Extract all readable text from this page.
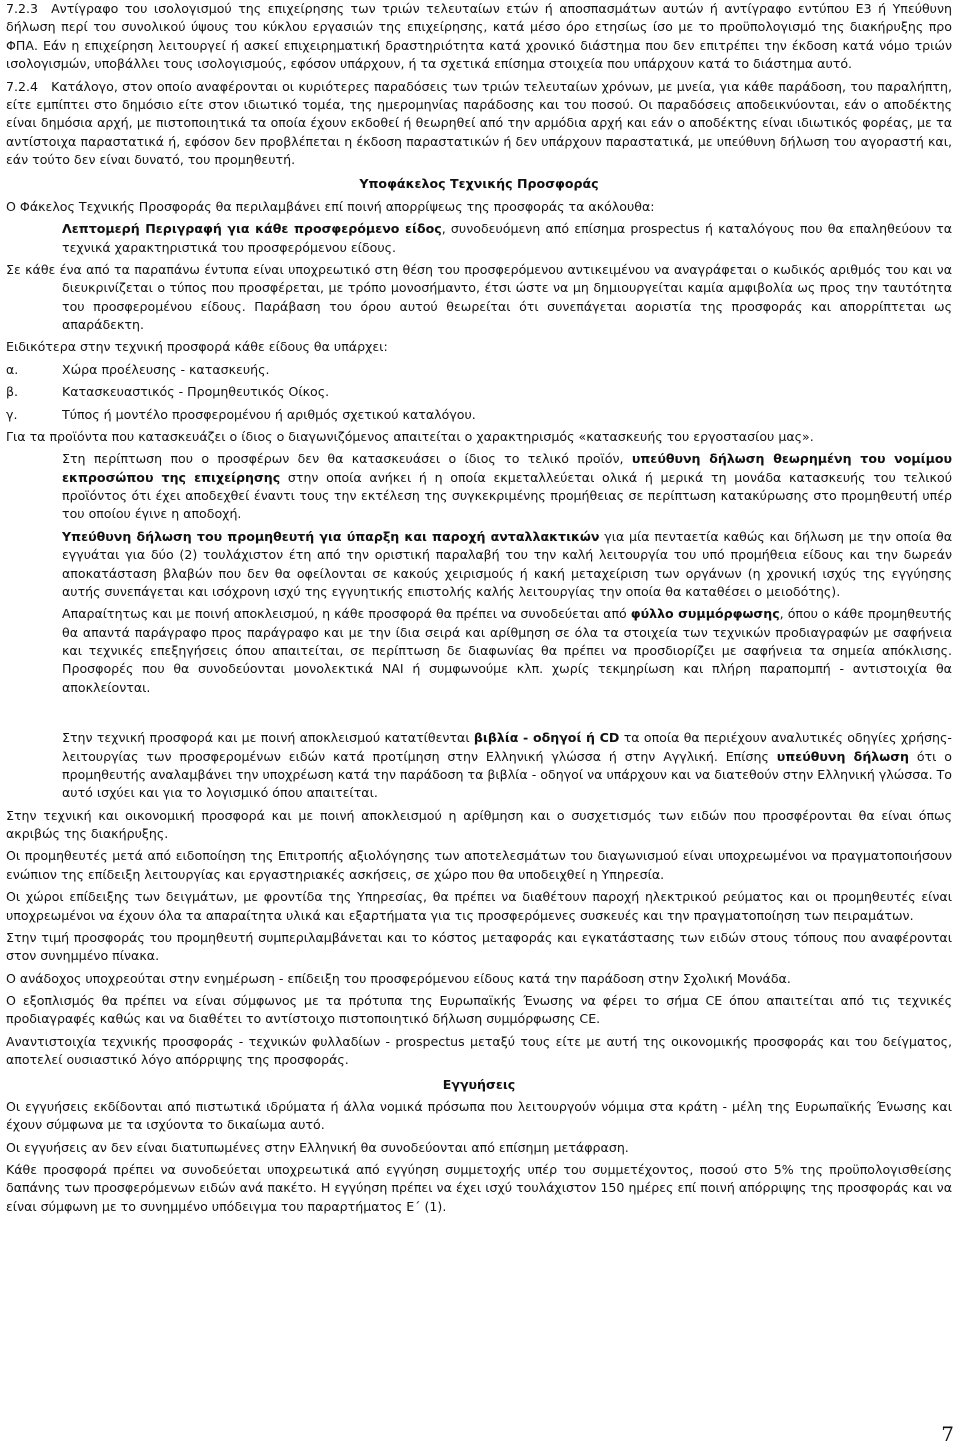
7.2.3 Αντίγραφο του ισολογισμού της επιχείρησης των τριών τελευταίων ετών ή αποσπασμάτων αυτών ή αντίγραφο εντύπου Ε3 ή Υπεύθυνη δήλωση περί του συνολικού ύψους του κύκλου εργασιών της επιχείρησης, κατά μέσο όρο ετησίως ίσο με το προϋπολογισμό της διακήρυξης προ ΦΠΑ. Εάν η επιχείρηση λειτουργεί ή ασκεί επιχειρηματική δραστηριότητα κατά χρονικό διάστημα που δεν επιτρέπει την έκδοση κατά νόμο τριών ισολογισμών, υποβάλλει τους ισολογισμούς, εφόσον υπάρχουν, ή τα σχετικά επίσημα στοιχεία που υπάρχουν κατά το διάστημα αυτό.

7.2.4 Κατάλογο, στον οποίο αναφέρονται οι κυριότερες παραδόσεις των τριών τελευταίων χρόνων, με μνεία, για κάθε παράδοση, του παραλήπτη, είτε εμπίπτει στο δημόσιο είτε στον ιδιωτικό τομέα, της ημερομηνίας παράδοσης και του ποσού. Οι παραδόσεις αποδεικνύονται, εάν ο αποδέκτης είναι δημόσια αρχή, με πιστοποιητικά τα οποία έχουν εκδοθεί ή θεωρηθεί από την αρμόδια αρχή και εάν ο αποδέκτης είναι ιδιωτικός φορέας, με τα αντίστοιχα παραστατικά ή, εφόσον δεν προβλέπεται η έκδοση παραστατικών ή δεν υπάρχουν παραστατικά, με υπεύθυνη δήλωση του αγοραστή και, εάν τούτο δεν είναι δυνατό, του προμηθευτή.

Υποφάκελος Τεχνικής Προσφοράς

Ο Φάκελος Τεχνικής Προσφοράς θα περιλαμβάνει επί ποινή απορρίψεως της προσφοράς τα ακόλουθα:

Λεπτομερή Περιγραφή για κάθε προσφερόμενο είδος, συνοδευόμενη από επίσημα prospectus ή καταλόγους που θα επαληθεύουν τα τεχνικά χαρακτηριστικά του προσφερόμενου είδους.

Σε κάθε ένα από τα παραπάνω έντυπα είναι υποχρεωτικό στη θέση του προσφερόμενου αντικειμένου να αναγράφεται ο κωδικός αριθμός του και να διευκρινίζεται ο τύπος που προσφέρεται, με τρόπο μονοσήμαντο, έτσι ώστε να μη δημιουργείται καμία αμφιβολία ως προς την ταυτότητα του προσφερομένου είδους. Παράβαση του όρου αυτού θεωρείται ότι συνεπάγεται αοριστία της προσφοράς και απορρίπτεται ως απαράδεκτη.

Ειδικότερα στην τεχνική προσφορά κάθε είδους θα υπάρχει:

α.	Χώρα προέλευσης - κατασκευής.
β.	Κατασκευαστικός - Προμηθευτικός Οίκος.
γ.	Τύπος ή μοντέλο προσφερομένου ή αριθμός σχετικού καταλόγου.

Για τα προϊόντα που κατασκευάζει ο ίδιος ο διαγωνιζόμενος απαιτείται ο χαρακτηρισμός «κατασκευής του εργοστασίου μας».

Στη περίπτωση που ο προσφέρων δεν θα κατασκευάσει ο ίδιος το τελικό προϊόν, υπεύθυνη δήλωση θεωρημένη του νομίμου εκπροσώπου της επιχείρησης στην οποία ανήκει ή η οποία εκμεταλλεύεται ολικά ή μερικά τη μονάδα κατασκευής του τελικού προϊόντος ότι έχει αποδεχθεί έναντι τους την εκτέλεση της συγκεκριμένης προμήθειας σε περίπτωση κατακύρωσης στο προμηθευτή υπέρ του οποίου έγινε η αποδοχή.

Υπεύθυνη δήλωση του προμηθευτή για ύπαρξη και παροχή ανταλλακτικών για μία πενταετία καθώς και δήλωση με την οποία θα εγγυάται για δύο (2) τουλάχιστον έτη από την οριστική παραλαβή του την καλή λειτουργία του υπό προμήθεια είδους και την δωρεάν αποκατάσταση βλαβών που δεν θα οφείλονται σε κακούς χειρισμούς ή κακή μεταχείριση των οργάνων (η χρονική ισχύς της εγγύησης αυτής συνεπάγεται και ισόχρονη ισχύ της εγγυητικής επιστολής καλής λειτουργίας την οποία θα καταθέσει ο μειοδότης).

Απαραίτητως και με ποινή αποκλεισμού, η κάθε προσφορά θα πρέπει να συνοδεύεται από φύλλο συμμόρφωσης, όπου ο κάθε προμηθευτής θα απαντά παράγραφο προς παράγραφο και με την ίδια σειρά και αρίθμηση σε όλα τα στοιχεία των τεχνικών προδιαγραφών με σαφήνεια και τεχνικές επεξηγήσεις όπου απαιτείται, σε περίπτωση δε διαφωνίας θα πρέπει να προσδιορίζει με σαφήνεια τα σημεία απόκλισης. Προσφορές που θα συνοδεύονται μονολεκτικά ΝΑΙ ή συμφωνούμε κλπ. χωρίς τεκμηρίωση και πλήρη παραπομπή - αντιστοιχία θα αποκλείονται.

Στην τεχνική προσφορά και με ποινή αποκλεισμού κατατίθενται βιβλία - οδηγοί ή CD τα οποία θα περιέχουν αναλυτικές οδηγίες χρήσης-λειτουργίας των προσφερομένων ειδών κατά προτίμηση στην Ελληνική γλώσσα ή στην Αγγλική. Επίσης υπεύθυνη δήλωση ότι ο προμηθευτής αναλαμβάνει την υποχρέωση κατά την παράδοση τα βιβλία - οδηγοί να υπάρχουν και να διατεθούν στην Ελληνική γλώσσα. Το αυτό ισχύει και για το λογισμικό όπου απαιτείται.

Στην τεχνική και οικονομική προσφορά και με ποινή αποκλεισμού η αρίθμηση και ο συσχετισμός των ειδών που προσφέρονται θα είναι όπως ακριβώς της διακήρυξης.

Οι προμηθευτές μετά από ειδοποίηση της Επιτροπής αξιολόγησης των αποτελεσμάτων του διαγωνισμού είναι υποχρεωμένοι να πραγματοποιήσουν ενώπιον της επίδειξη λειτουργίας και εργαστηριακές ασκήσεις, σε χώρο που θα υποδειχθεί η Υπηρεσία.

Οι χώροι επίδειξης των δειγμάτων, με φροντίδα της Υπηρεσίας, θα πρέπει να διαθέτουν παροχή ηλεκτρικού ρεύματος και οι προμηθευτές είναι υποχρεωμένοι να έχουν όλα τα απαραίτητα υλικά και εξαρτήματα για τις προσφερόμενες συσκευές και την πραγματοποίηση των πειραμάτων.

Στην τιμή προσφοράς του προμηθευτή συμπεριλαμβάνεται και το κόστος μεταφοράς και εγκατάστασης των ειδών στους τόπους που αναφέρονται στον συνημμένο πίνακα.

Ο ανάδοχος υποχρεούται στην ενημέρωση - επίδειξη του προσφερόμενου είδους κατά την παράδοση στην Σχολική Μονάδα.

Ο εξοπλισμός θα πρέπει να είναι σύμφωνος με τα πρότυπα της Ευρωπαϊκής Ένωσης να φέρει το σήμα CE όπου απαιτείται από τις τεχνικές προδιαγραφές καθώς και να διαθέτει το αντίστοιχο πιστοποιητικό δήλωση συμμόρφωσης CE.

Αναντιστοιχία τεχνικής προσφοράς - τεχνικών φυλλαδίων - prospectus μεταξύ τους είτε με αυτή της οικονομικής προσφοράς και του δείγματος, αποτελεί ουσιαστικό λόγο απόρριψης της προσφοράς.

Εγγυήσεις

Οι εγγυήσεις εκδίδονται από πιστωτικά ιδρύματα ή άλλα νομικά πρόσωπα που λειτουργούν νόμιμα στα κράτη - μέλη της Ευρωπαϊκής Ένωσης και έχουν σύμφωνα με τα ισχύοντα το δικαίωμα αυτό.

Οι εγγυήσεις αν δεν είναι διατυπωμένες στην Ελληνική θα συνοδεύονται από επίσημη μετάφραση.

Κάθε προσφορά πρέπει να συνοδεύεται υποχρεωτικά από εγγύηση συμμετοχής υπέρ του συμμετέχοντος, ποσού στο 5% της προϋπολογισθείσης δαπάνης των προσφερόμενων ειδών ανά πακέτο. Η εγγύηση πρέπει να έχει ισχύ τουλάχιστον 150 ημέρες επί ποινή απόρριψης της προσφοράς και να είναι σύμφωνη με το συνημμένο υπόδειγμα του παραρτήματος Ε΄ (1).

7
